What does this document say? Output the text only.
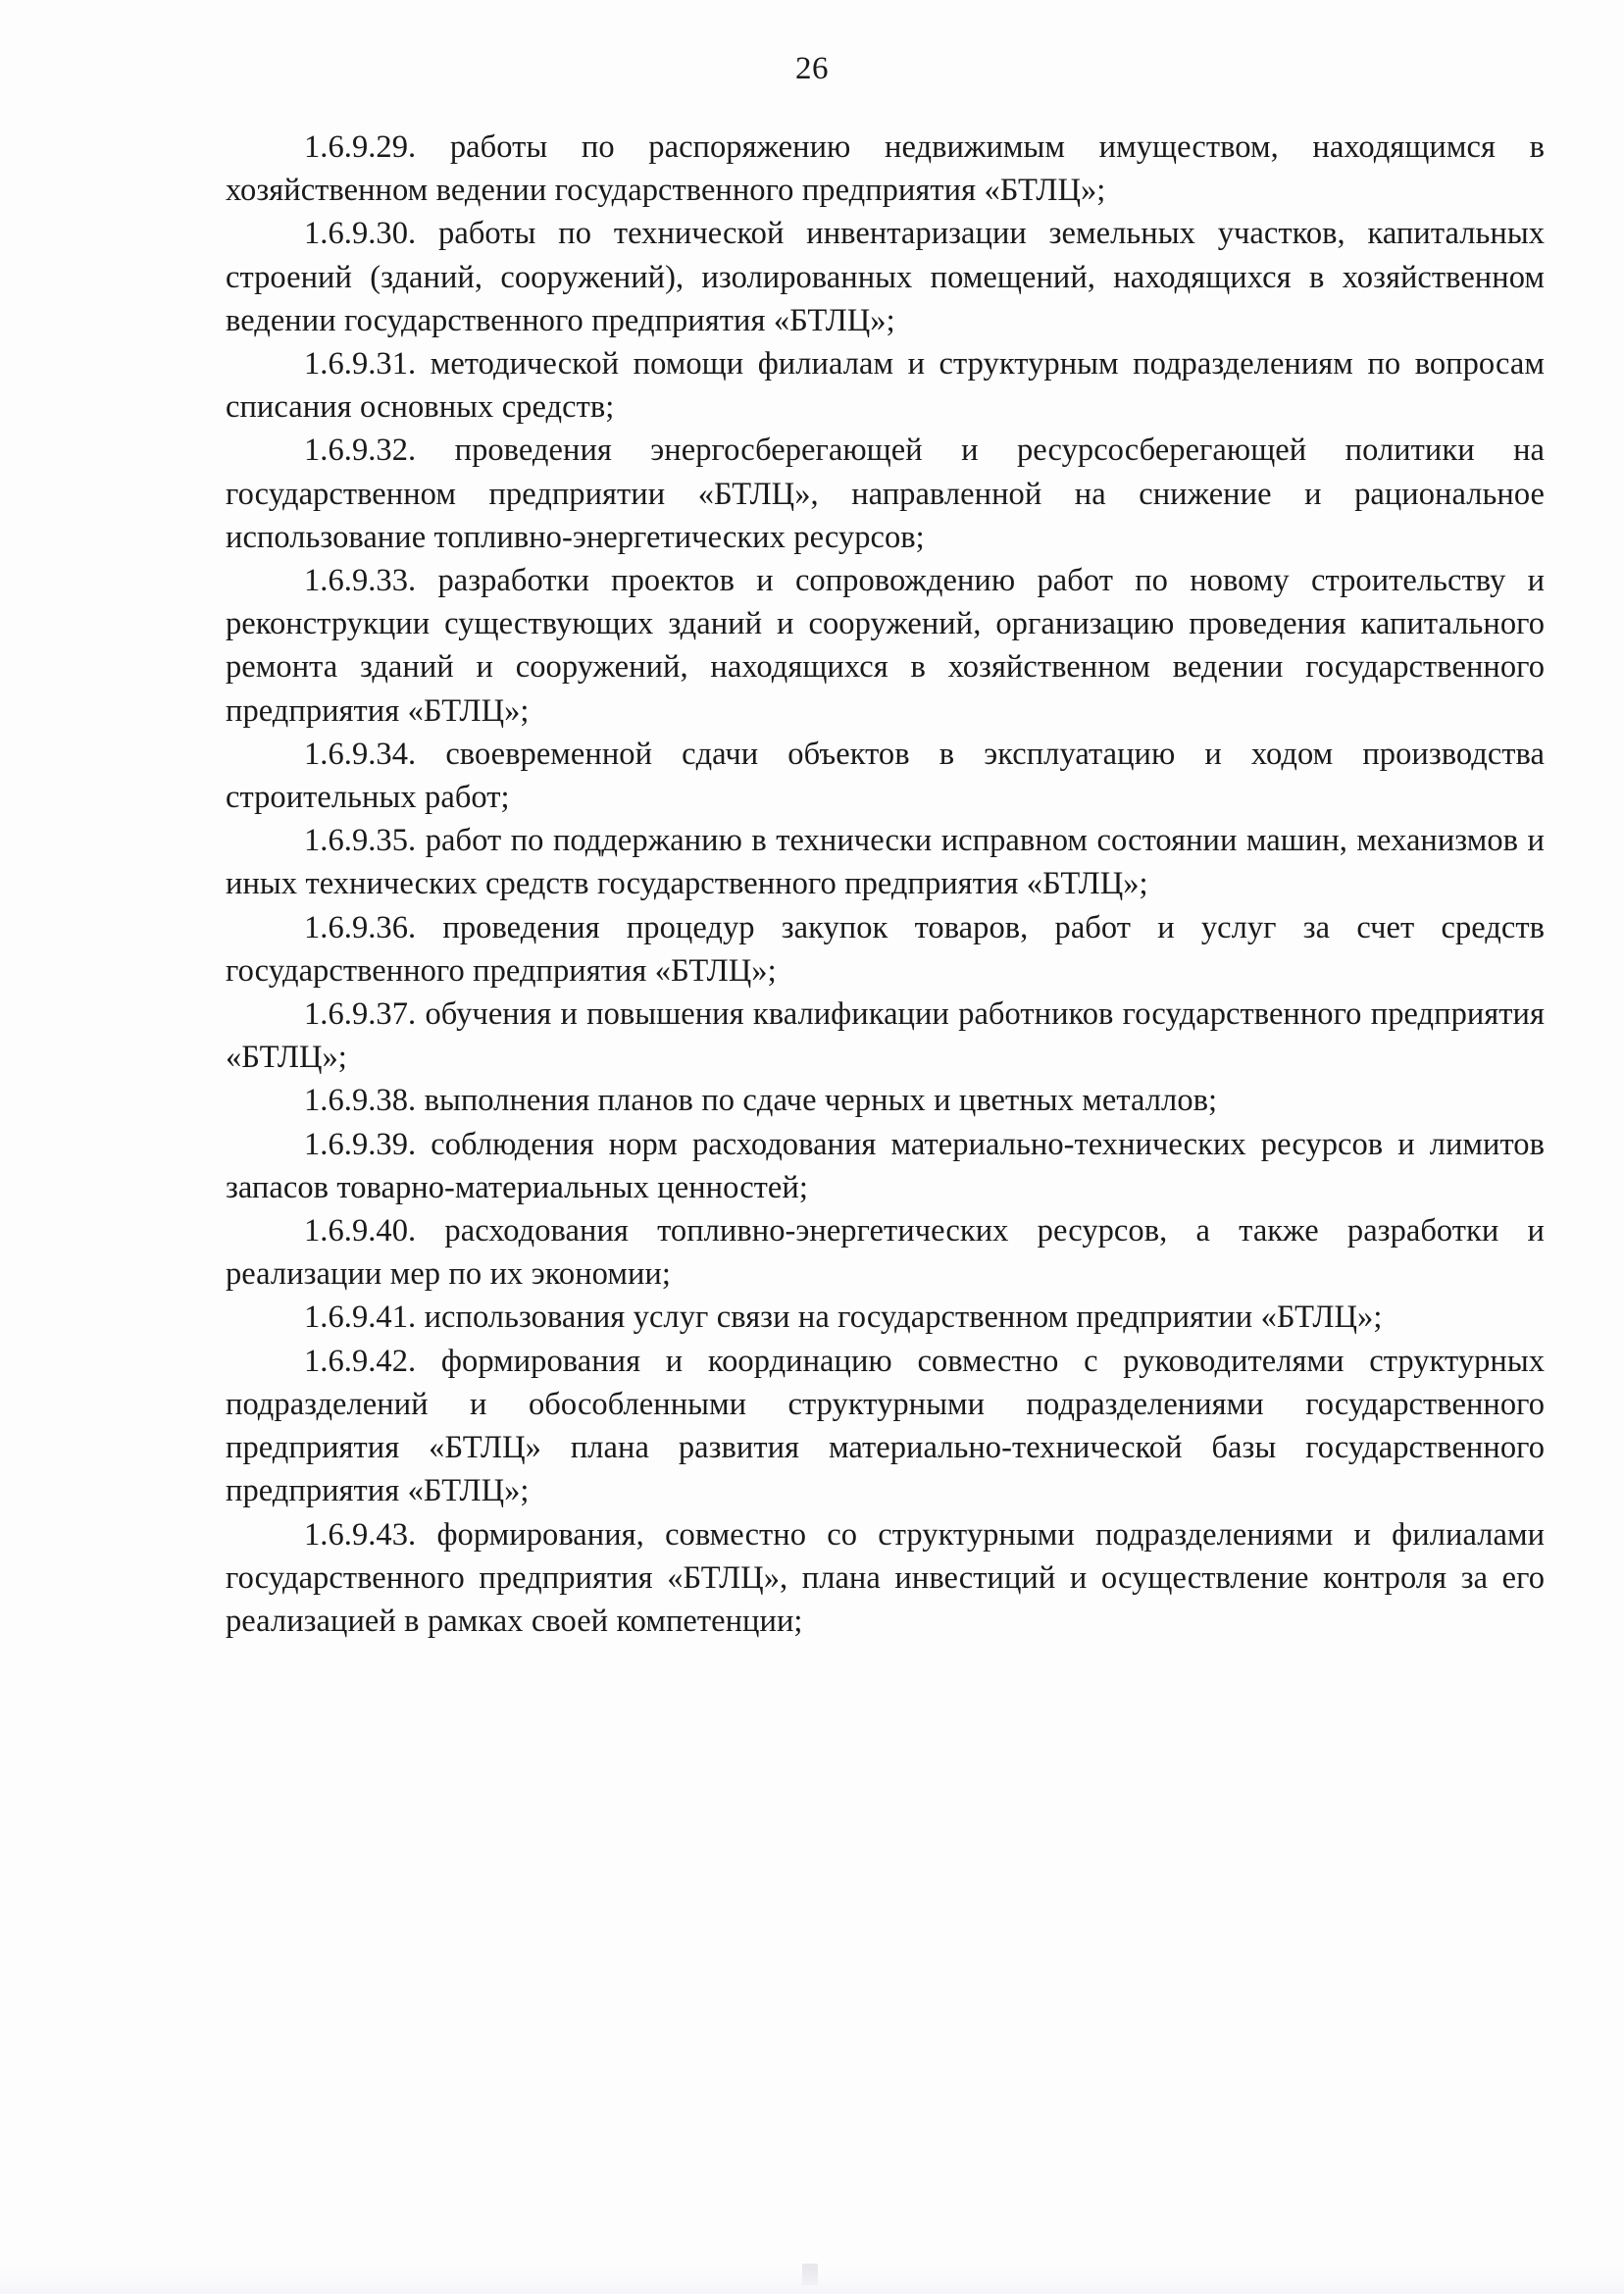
26

1.6.9.29. работы по распоряжению недвижимым имуществом, находящимся в хозяйственном ведении государственного предприятия «БТЛЦ»;

1.6.9.30. работы по технической инвентаризации земельных участков, капитальных строений (зданий, сооружений), изолированных помещений, находящихся в хозяйственном ведении государственного предприятия «БТЛЦ»;

1.6.9.31. методической помощи филиалам и структурным подразделениям по вопросам списания основных средств;

1.6.9.32. проведения энергосберегающей и ресурсосберегающей политики на государственном предприятии «БТЛЦ», направленной на снижение и рациональное использование топливно-энергетических ресурсов;

1.6.9.33. разработки проектов и сопровождению работ по новому строительству и реконструкции существующих зданий и сооружений, организацию проведения капитального ремонта зданий и сооружений, находящихся в хозяйственном ведении государственного предприятия «БТЛЦ»;

1.6.9.34. своевременной сдачи объектов в эксплуатацию и ходом производства строительных работ;

1.6.9.35. работ по поддержанию в технически исправном состоянии машин, механизмов и иных технических средств государственного предприятия «БТЛЦ»;

1.6.9.36. проведения процедур закупок товаров, работ и услуг за счет средств государственного предприятия «БТЛЦ»;

1.6.9.37. обучения и повышения квалификации работников государственного предприятия «БТЛЦ»;

1.6.9.38. выполнения планов по сдаче черных и цветных металлов;

1.6.9.39. соблюдения норм расходования материально-технических ресурсов и лимитов запасов товарно-материальных ценностей;

1.6.9.40. расходования топливно-энергетических ресурсов, а также разработки и реализации мер по их экономии;

1.6.9.41. использования услуг связи на государственном предприятии «БТЛЦ»;

1.6.9.42. формирования и координацию совместно с руководителями структурных подразделений и обособленными структурными подразделениями государственного предприятия «БТЛЦ» плана развития материально-технической базы государственного предприятия «БТЛЦ»;

1.6.9.43. формирования, совместно со структурными подразделениями и филиалами государственного предприятия «БТЛЦ», плана инвестиций и осуществление контроля за его реализацией в рамках своей компетенции;
